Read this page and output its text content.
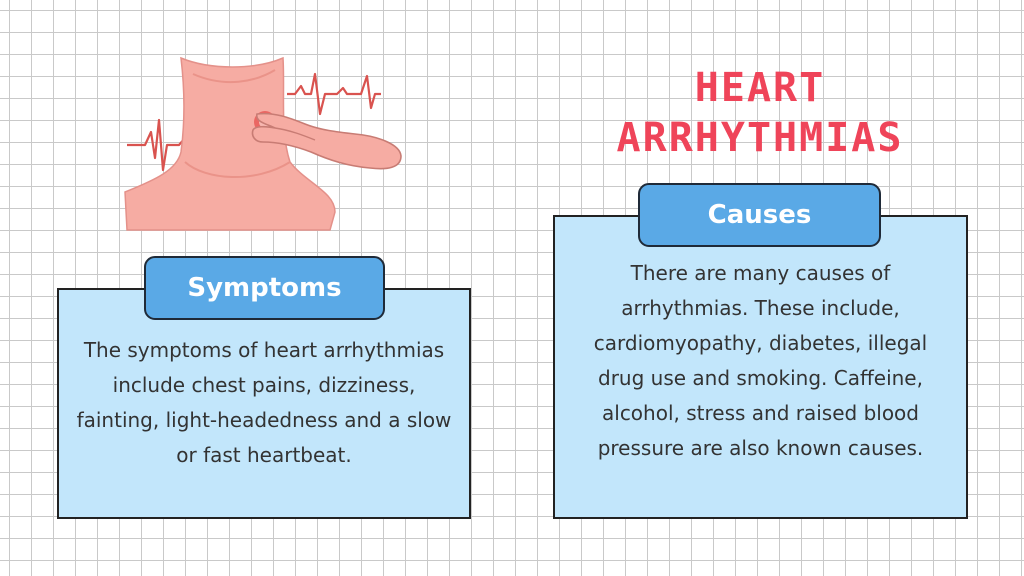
HEART
ARRHYTHMIAS

The symptoms of heart arrhythmias include chest pains, dizziness, fainting, light-headedness and a slow or fast heartbeat.

Symptoms	There are many causes of arrhythmias. These include, cardiomyopathy, diabetes, illegal drug use and smoking. Caffeine, alcohol, stress and raised blood pressure are also known causes.

Causes
